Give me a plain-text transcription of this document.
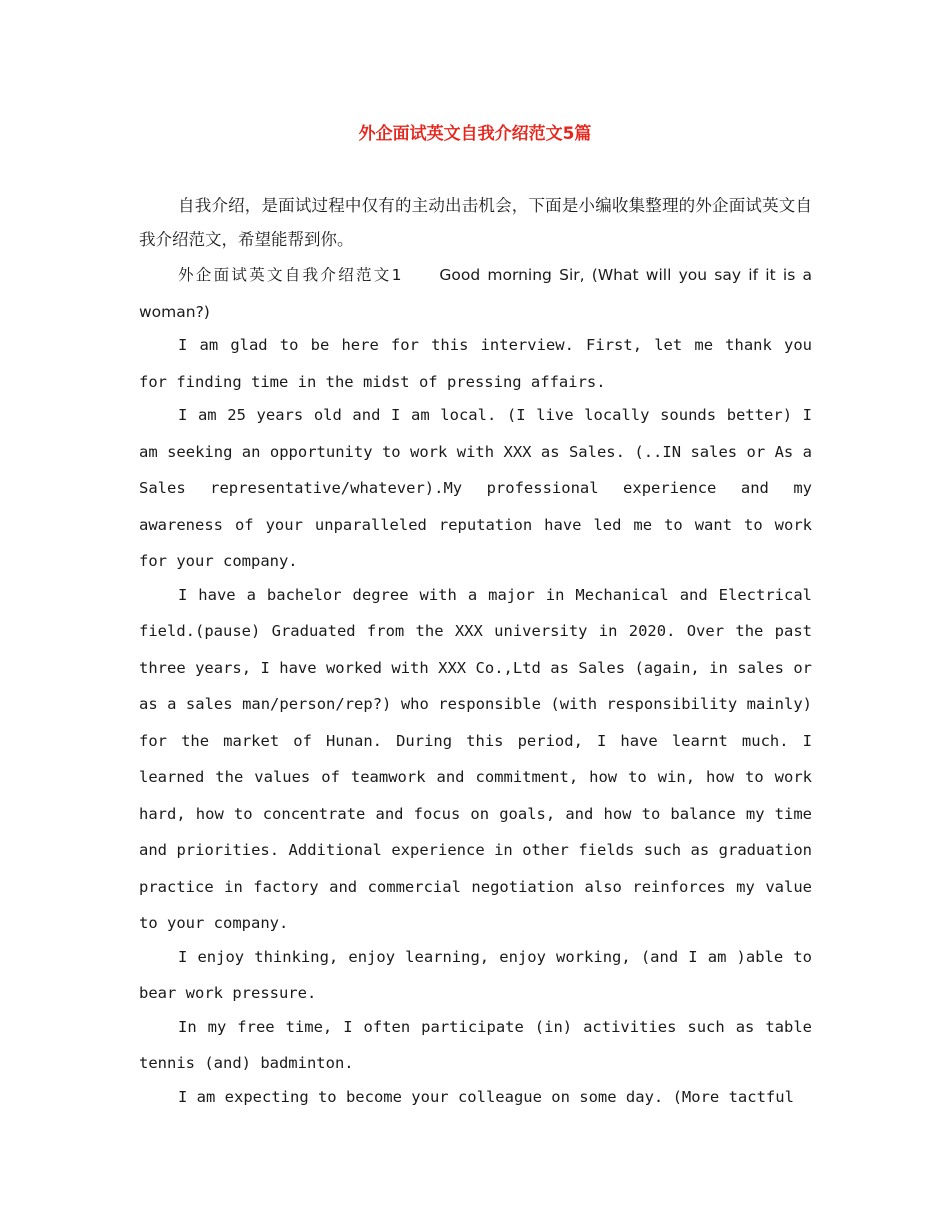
外企面试英文自我介绍范文5篇

自我介绍，是面试过程中仅有的主动出击机会，下面是小编收集整理的外企面试英文自我介绍范文，希望能帮到你。

外企面试英文自我介绍范文1　　Good morning Sir, (What will you say if it is a woman?)

I am glad to be here for this interview. First, let me thank you for finding time in the midst of pressing affairs.

I am 25 years old and I am local. (I live locally sounds better) I am seeking an opportunity to work with XXX as Sales. (..IN sales or As a Sales representative/whatever).My professional experience and my awareness of your unparalleled reputation have led me to want to work for your company.

I have a bachelor degree with a major in Mechanical and Electrical field.(pause) Graduated from the XXX university in 2020. Over the past three years, I have worked with XXX Co.,Ltd as Sales (again, in sales or as a sales man/person/rep?) who responsible (with responsibility mainly) for the market of Hunan. During this period, I have learnt much. I learned the values of teamwork and commitment, how to win, how to work hard, how to concentrate and focus on goals, and how to balance my time and priorities. Additional experience in other fields such as graduation practice in factory and commercial negotiation also reinforces my value to your company.

I enjoy thinking, enjoy learning, enjoy working, (and I am )able to bear work pressure.

In my free time, I often participate (in) activities such as table tennis (and) badminton.

I am expecting to become your colleague on some day. (More tactful
